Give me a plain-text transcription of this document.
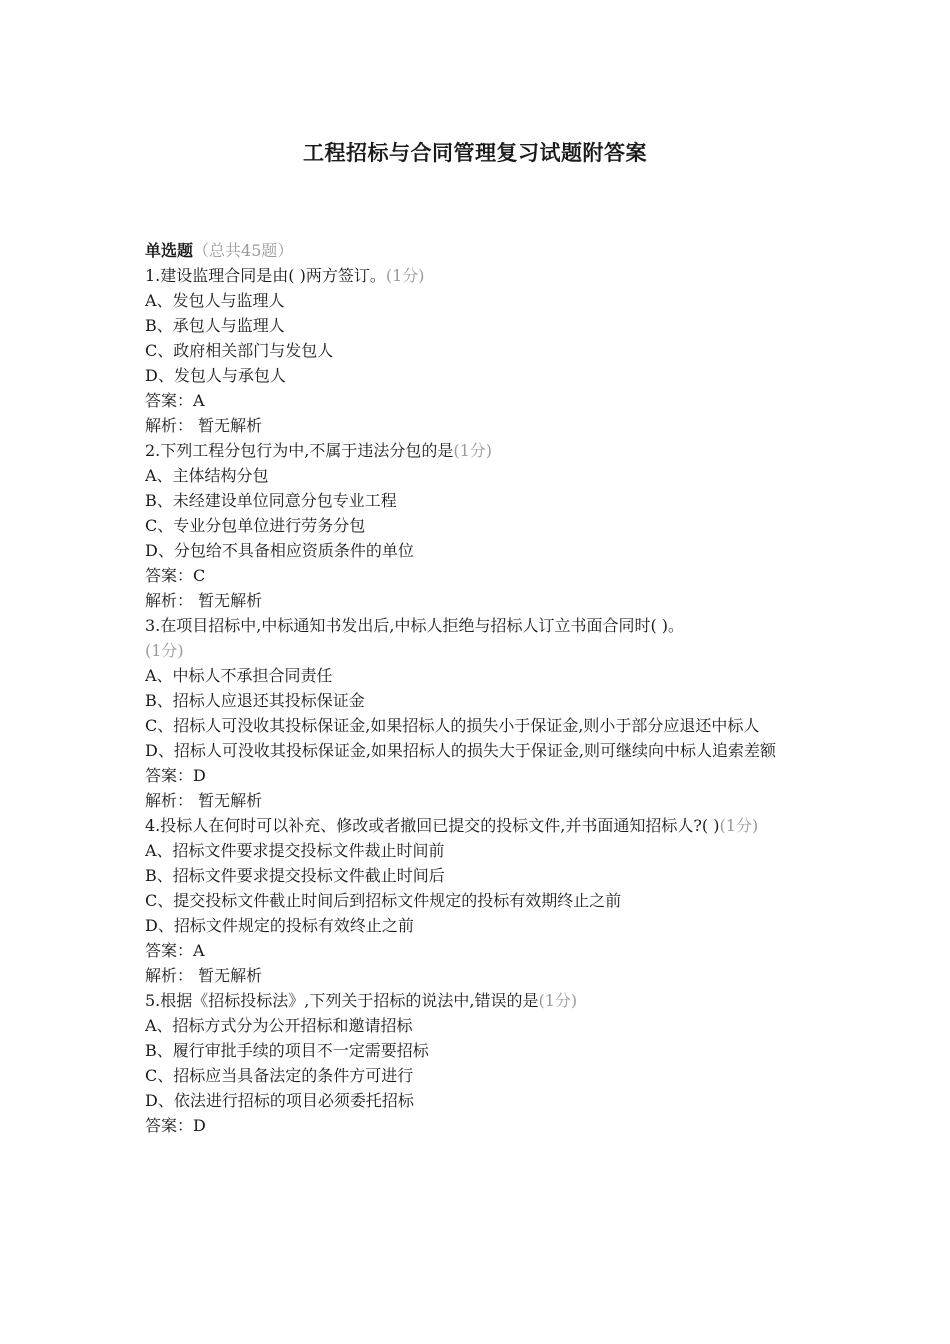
工程招标与合同管理复习试题附答案
单选题（总共45题）
1.建设监理合同是由( )两方签订。(1分)
A、发包人与监理人
B、承包人与监理人
C、政府相关部门与发包人
D、发包人与承包人
答案：A
解析： 暂无解析
2.下列工程分包行为中,不属于违法分包的是(1分)
A、主体结构分包
B、未经建设单位同意分包专业工程
C、专业分包单位进行劳务分包
D、分包给不具备相应资质条件的单位
答案：C
解析： 暂无解析
3.在项目招标中,中标通知书发出后,中标人拒绝与招标人订立书面合同时( )。
(1分)
A、中标人不承担合同责任
B、招标人应退还其投标保证金
C、招标人可没收其投标保证金,如果招标人的损失小于保证金,则小于部分应退还中标人
D、招标人可没收其投标保证金,如果招标人的损失大于保证金,则可继续向中标人追索差额
答案：D
解析： 暂无解析
4.投标人在何时可以补充、修改或者撤回已提交的投标文件,并书面通知招标人?( )(1分)
A、招标文件要求提交投标文件裁止时间前
B、招标文件要求提交投标文件截止时间后
C、提交投标文件截止时间后到招标文件规定的投标有效期终止之前
D、招标文件规定的投标有效终止之前
答案：A
解析： 暂无解析
5.根据《招标投标法》,下列关于招标的说法中,错误的是(1分)
A、招标方式分为公开招标和邀请招标
B、履行审批手续的项目不一定需要招标
C、招标应当具备法定的条件方可进行
D、依法进行招标的项目必须委托招标
答案：D
